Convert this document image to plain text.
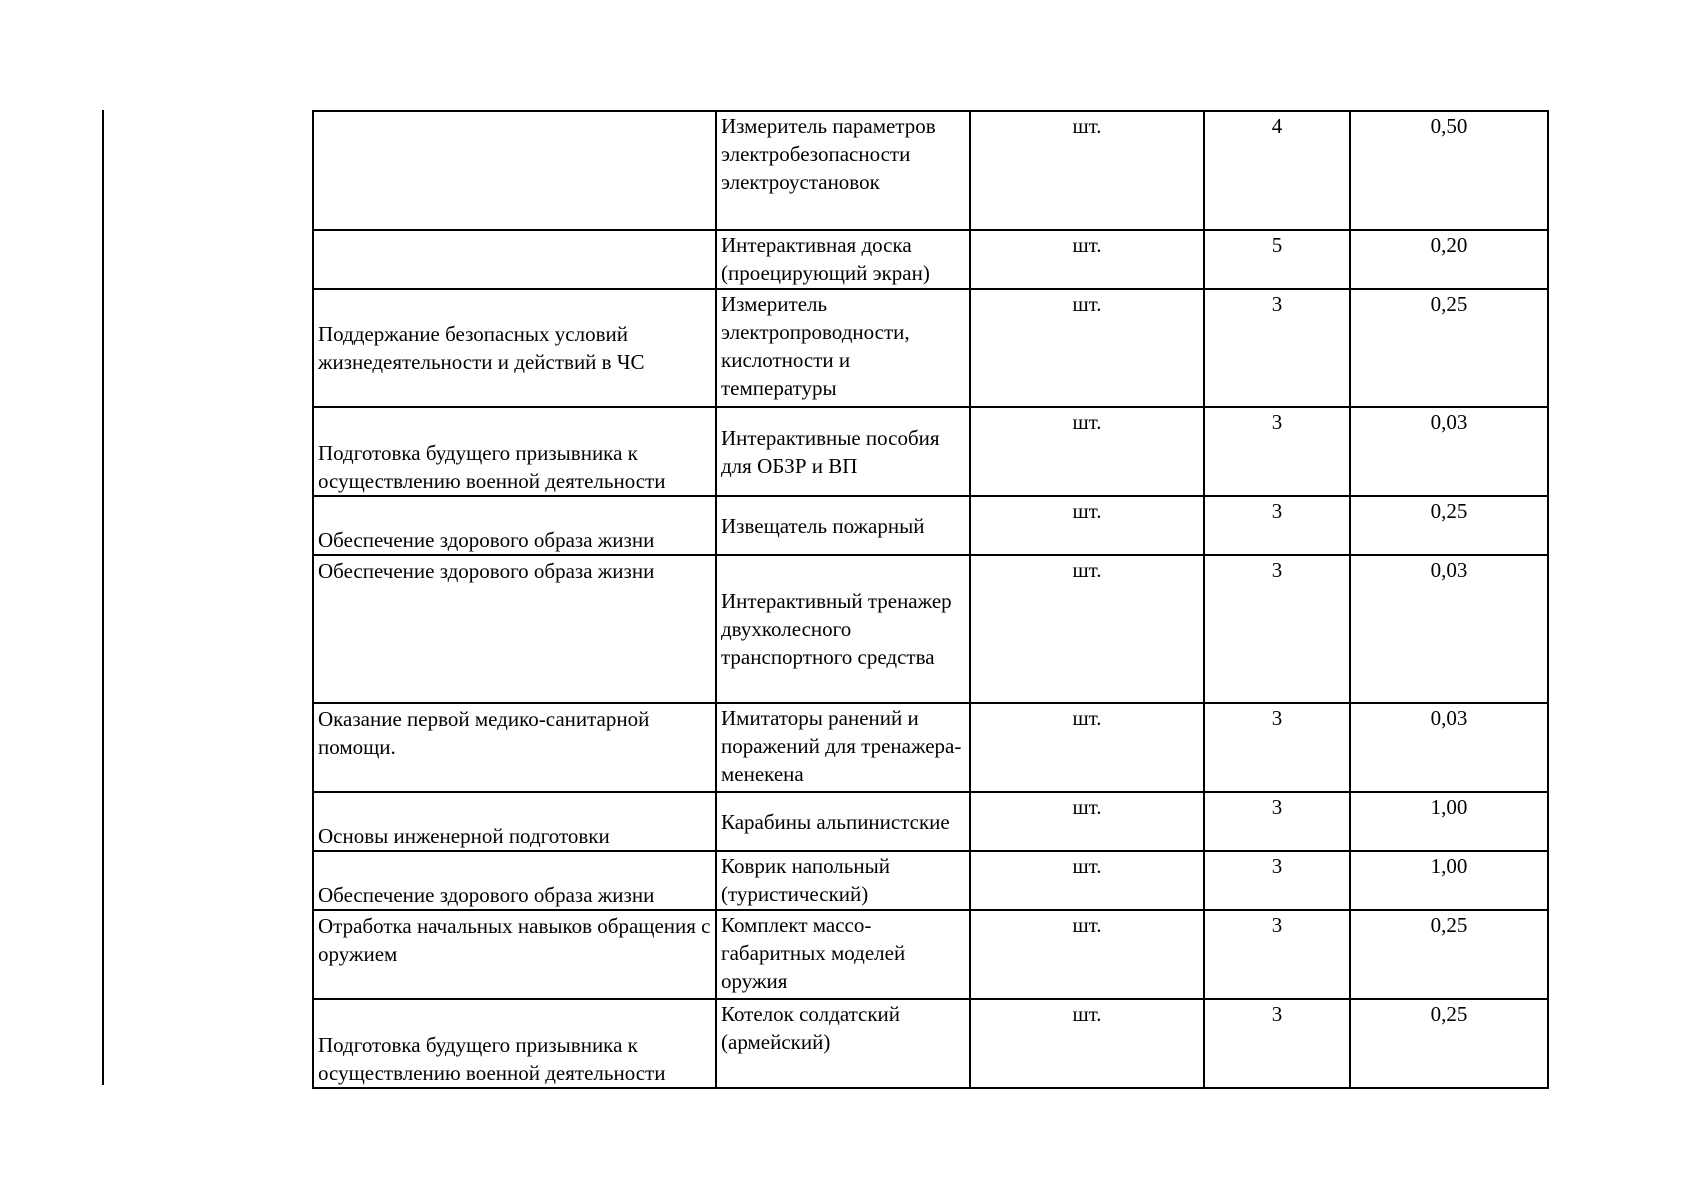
	Измеритель параметров электробезопасности электроустановок	шт.	4	0,50
	Интерактивная доска (проецирующий экран)	шт.	5	0,20
Поддержание безопасных условий жизнедеятельности и действий в ЧС	Измеритель электропроводности, кислотности и температуры	шт.	3	0,25
Подготовка будущего призывника к осуществлению военной деятельности	Интерактивные пособия для ОБЗР и ВП	шт.	3	0,03
Обеспечение здорового образа жизни	Извещатель пожарный	шт.	3	0,25
Обеспечение здорового образа жизни	Интерактивный тренажер двухколесного транспортного средства	шт.	3	0,03
Оказание первой медико-санитарной помощи.	Имитаторы ранений и поражений для тренажера-менекена	шт.	3	0,03
Основы инженерной подготовки	Карабины альпинистские	шт.	3	1,00
Обеспечение здорового образа жизни	Коврик напольный (туристический)	шт.	3	1,00
Отработка начальных навыков обращения с оружием	Комплект массо-габаритных моделей оружия	шт.	3	0,25
Подготовка будущего призывника к осуществлению военной деятельности	Котелок солдатский (армейский)	шт.	3	0,25
